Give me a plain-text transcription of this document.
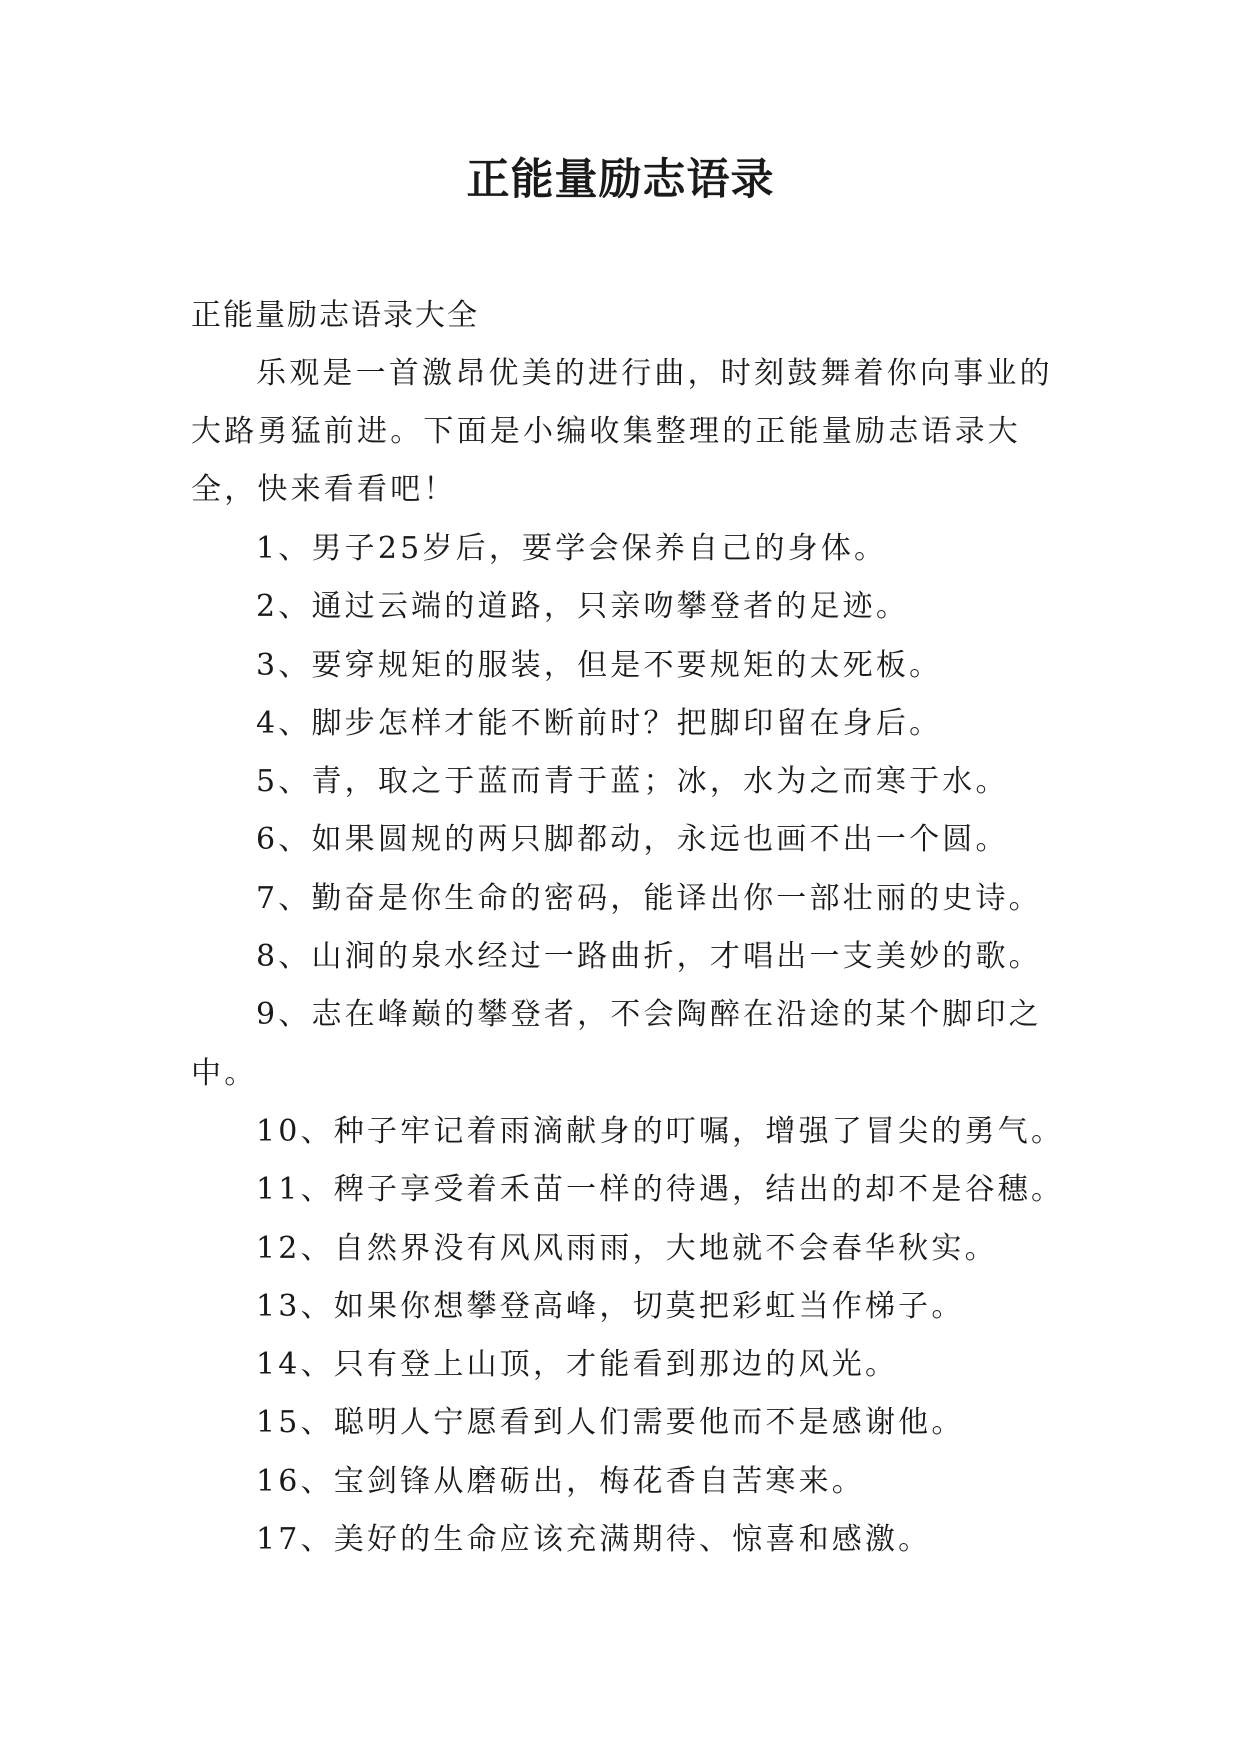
正能量励志语录
正能量励志语录大全

乐观是一首激昂优美的进行曲，时刻鼓舞着你向事业的大路勇猛前进。下面是小编收集整理的正能量励志语录大全，快来看看吧！

1、男子25岁后，要学会保养自己的身体。
2、通过云端的道路，只亲吻攀登者的足迹。
3、要穿规矩的服装，但是不要规矩的太死板。
4、脚步怎样才能不断前时？把脚印留在身后。
5、青，取之于蓝而青于蓝；冰，水为之而寒于水。
6、如果圆规的两只脚都动，永远也画不出一个圆。
7、勤奋是你生命的密码，能译出你一部壮丽的史诗。
8、山涧的泉水经过一路曲折，才唱出一支美妙的歌。
9、志在峰巅的攀登者，不会陶醉在沿途的某个脚印之中。
10、种子牢记着雨滴献身的叮嘱，增强了冒尖的勇气。
11、稗子享受着禾苗一样的待遇，结出的却不是谷穗。
12、自然界没有风风雨雨，大地就不会春华秋实。
13、如果你想攀登高峰，切莫把彩虹当作梯子。
14、只有登上山顶，才能看到那边的风光。
15、聪明人宁愿看到人们需要他而不是感谢他。
16、宝剑锋从磨砺出，梅花香自苦寒来。
17、美好的生命应该充满期待、惊喜和感激。
